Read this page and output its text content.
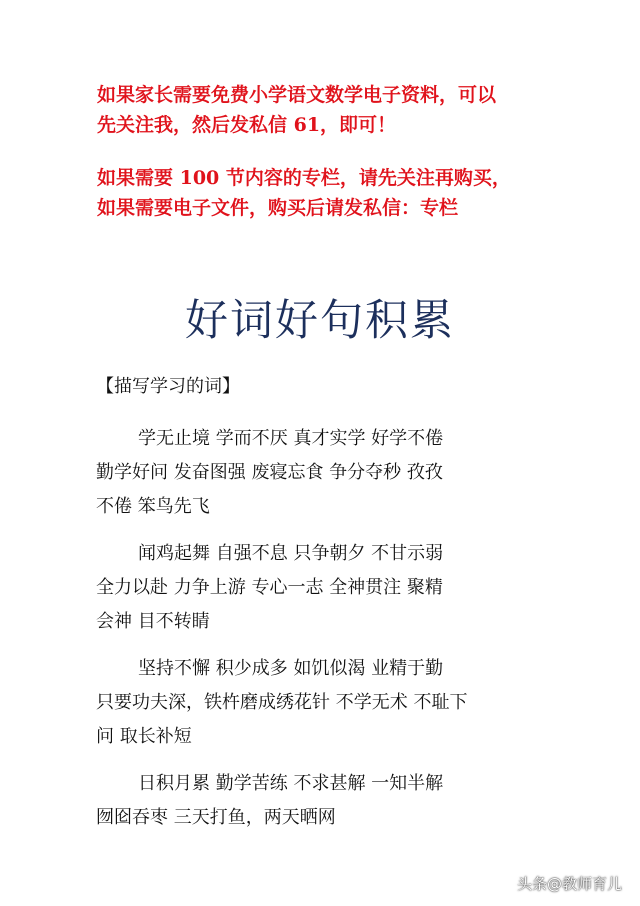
如果家长需要免费小学语文数学电子资料，可以
先关注我，然后发私信 61，即可！
如果需要 100 节内容的专栏，请先关注再购买，
如果需要电子文件，购买后请发私信：专栏
好词好句积累
【描写学习的词】
学无止境 学而不厌 真才实学 好学不倦
勤学好问 发奋图强 废寝忘食 争分夺秒 孜孜
不倦 笨鸟先飞
闻鸡起舞 自强不息 只争朝夕 不甘示弱
全力以赴 力争上游 专心一志 全神贯注 聚精
会神 目不转睛
坚持不懈 积少成多 如饥似渴 业精于勤
只要功夫深，铁杵磨成绣花针 不学无术 不耻下
问 取长补短
日积月累 勤学苦练 不求甚解 一知半解
囫囵吞枣 三天打鱼，两天晒网
头条 @教师育儿
